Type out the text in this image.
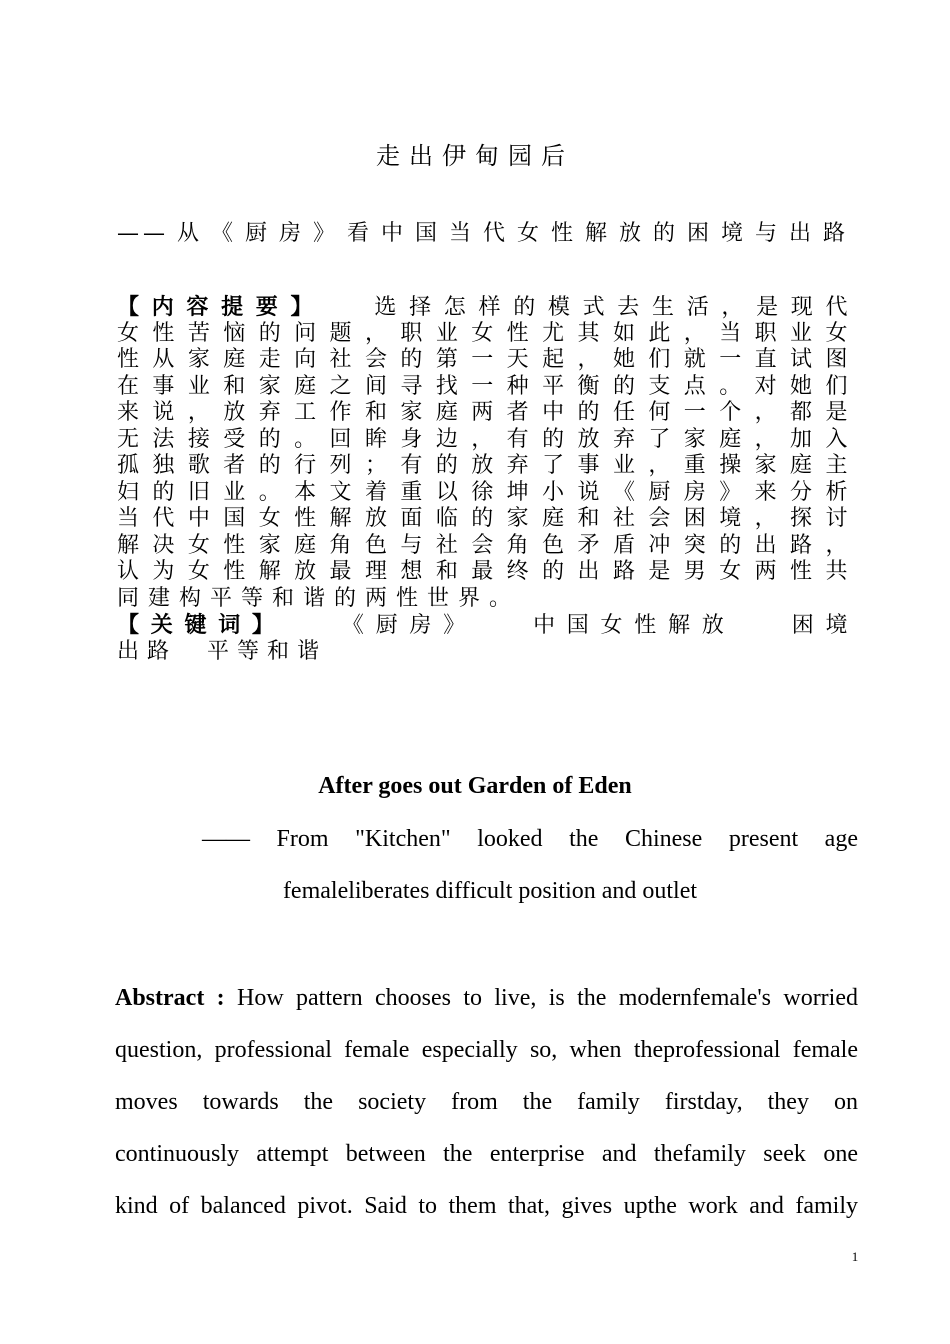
走出伊甸园后
——从《厨房》看中国当代女性解放的困境与出路
【内容提要】 选择怎样的模式去生活，是现代
女性苦恼的问题，职业女性尤其如此，当职业女
性从家庭走向社会的第一天起，她们就一直试图
在事业和家庭之间寻找一种平衡的支点。对她们
来说，放弃工作和家庭两者中的任何一个，都是
无法接受的。回眸身边，有的放弃了家庭，加入
孤独歌者的行列；有的放弃了事业，重操家庭主
妇的旧业。本文着重以徐坤小说《厨房》来分析
当代中国女性解放面临的家庭和社会困境，探讨
解决女性家庭角色与社会角色矛盾冲突的出路，
认为女性解放最理想和最终的出路是男女两性共
同建构平等和谐的两性世界。
【关键词】 《厨房》 中国女性解放 困境
出路 平等和谐
After goes out Garden of Eden
—— From "Kitchen" looked the Chinese present age
femaleliberates difficult position and outlet
Abstract : How pattern chooses to live, is the modernfemale's worried
question, professional female especially so, when theprofessional female
moves towards the society from the family firstday, they on
continuously attempt between the enterprise and thefamily seek one
kind of balanced pivot. Said to them that, gives upthe work and family
1
